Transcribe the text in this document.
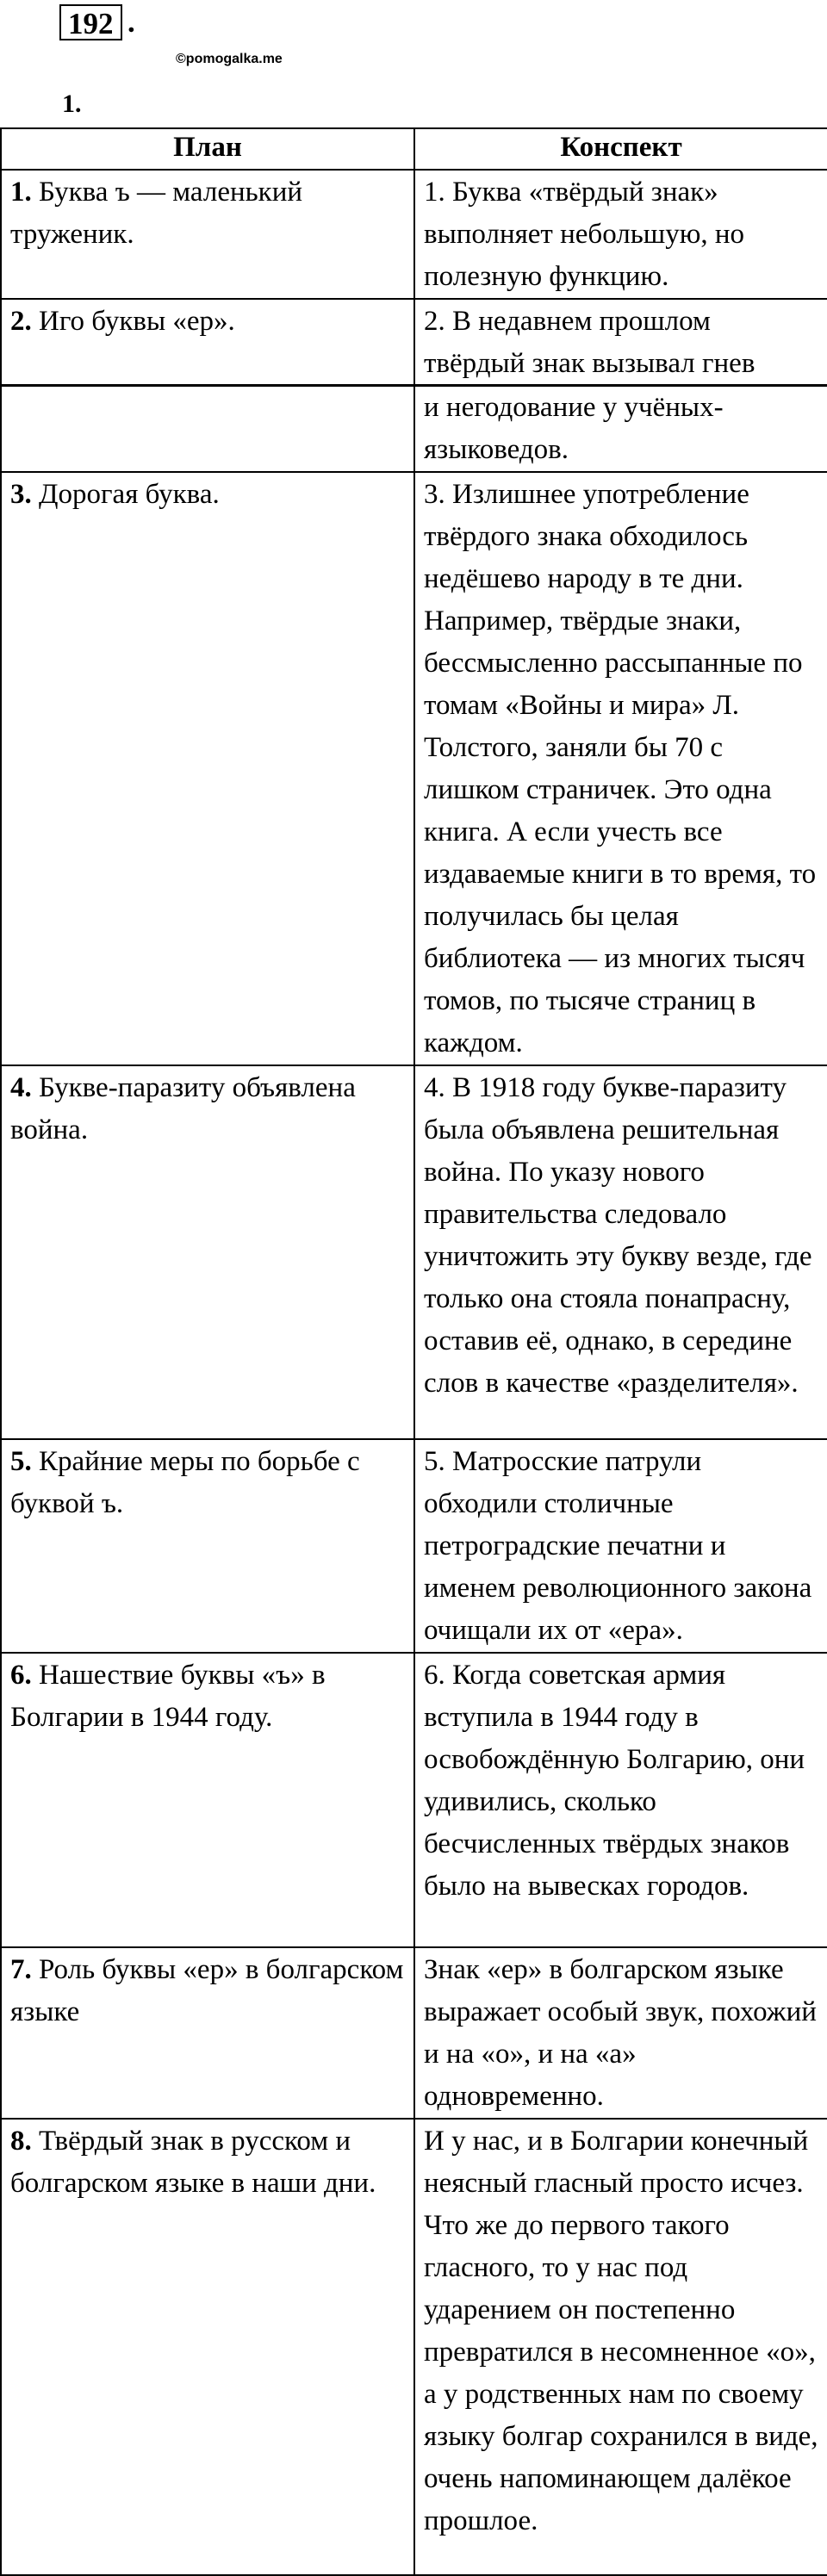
192 .
©pomogalka.me
1.
План	Конспект
1. Буква ъ — маленький труженик.	1. Буква «твёрдый знак» выполняет небольшую, но полезную функцию.
2. Иго буквы «ер».	2. В недавнем прошлом твёрдый знак вызывал гнев
	и негодование у учёных-языковедов.
3. Дорогая буква.	3. Излишнее употребление твёрдого знака обходилось недёшево народу в те дни. Например, твёрдые знаки, бессмысленно рассыпанные по томам «Войны и мира» Л. Толстого, заняли бы 70 с лишком страничек. Это одна книга. А если учесть все издаваемые книги в то время, то получилась бы целая библиотека — из многих тысяч томов, по тысяче страниц в каждом.
4. Букве-паразиту объявлена война.	4. В 1918 году букве-паразиту была объявлена решительная война. По указу нового правительства следовало уничтожить эту букву везде, где только она стояла понапрасну, оставив её, однако, в середине слов в качестве «разделителя».
5. Крайние меры по борьбе с буквой ъ.	5. Матросские патрули обходили столичные петроградские печатни и именем революционного закона очищали их от «ера».
6. Нашествие буквы «ъ» в Болгарии в 1944 году.	6. Когда советская армия вступила в 1944 году в освобождённую Болгарию, они удивились, сколько бесчисленных твёрдых знаков было на вывесках городов.
7. Роль буквы «ер» в болгарском языке	Знак «ер» в болгарском языке выражает особый звук, похожий и на «о», и на «а» одновременно.
8. Твёрдый знак в русском и болгарском языке в наши дни.	И у нас, и в Болгарии конечный неясный гласный просто исчез. Что же до первого такого гласного, то у нас под ударением он постепенно превратился в несомненное «о», а у родственных нам по своему языку болгар сохранился в виде, очень напоминающем далёкое прошлое.
